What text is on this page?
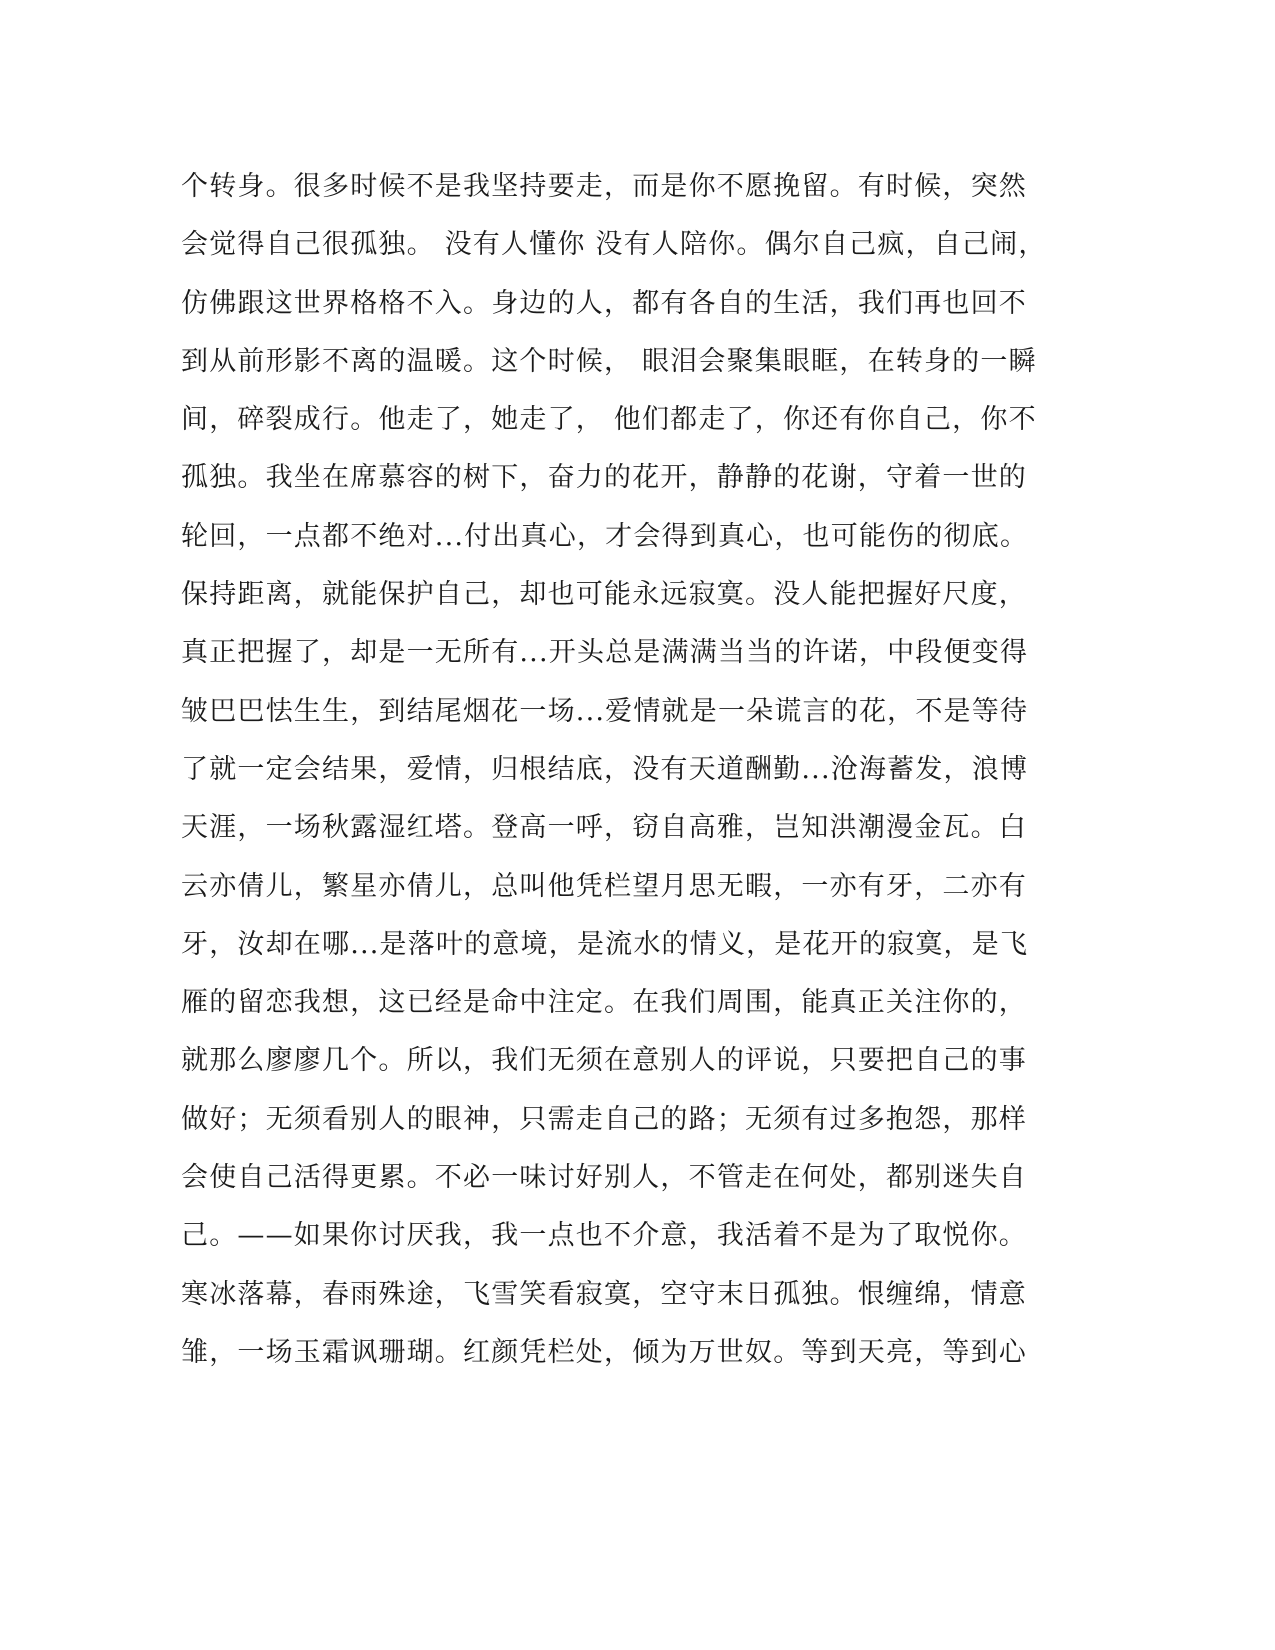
个转身。很多时候不是我坚持要走，而是你不愿挽留。有时候，突然
会觉得自己很孤独。 没有人懂你 没有人陪你。偶尔自己疯，自己闹，
仿佛跟这世界格格不入。身边的人，都有各自的生活，我们再也回不
到从前形影不离的温暖。这个时候， 眼泪会聚集眼眶，在转身的一瞬
间，碎裂成行。他走了，她走了， 他们都走了，你还有你自己，你不
孤独。我坐在席慕容的树下，奋力的花开，静静的花谢，守着一世的
轮回，一点都不绝对...付出真心，才会得到真心，也可能伤的彻底。
保持距离，就能保护自己，却也可能永远寂寞。没人能把握好尺度，
真正把握了，却是一无所有...开头总是满满当当的许诺，中段便变得
皱巴巴怯生生，到结尾烟花一场...爱情就是一朵谎言的花，不是等待
了就一定会结果，爱情，归根结底，没有天道酬勤...沧海蓄发，浪博
天涯，一场秋露湿红塔。登高一呼，窃自高雅，岂知洪潮漫金瓦。白
云亦倩儿，繁星亦倩儿，总叫他凭栏望月思无暇，一亦有牙，二亦有
牙，汝却在哪...是落叶的意境，是流水的情义，是花开的寂寞，是飞
雁的留恋我想，这已经是命中注定。在我们周围，能真正关注你的，
就那么廖廖几个。所以，我们无须在意别人的评说，只要把自己的事
做好；无须看别人的眼神，只需走自己的路；无须有过多抱怨，那样
会使自己活得更累。不必一味讨好别人，不管走在何处，都别迷失自
己。——如果你讨厌我，我一点也不介意，我活着不是为了取悦你。
寒冰落幕，春雨殊途，飞雪笑看寂寞，空守末日孤独。恨缠绵，情意
雏，一场玉霜讽珊瑚。红颜凭栏处，倾为万世奴。等到天亮，等到心
